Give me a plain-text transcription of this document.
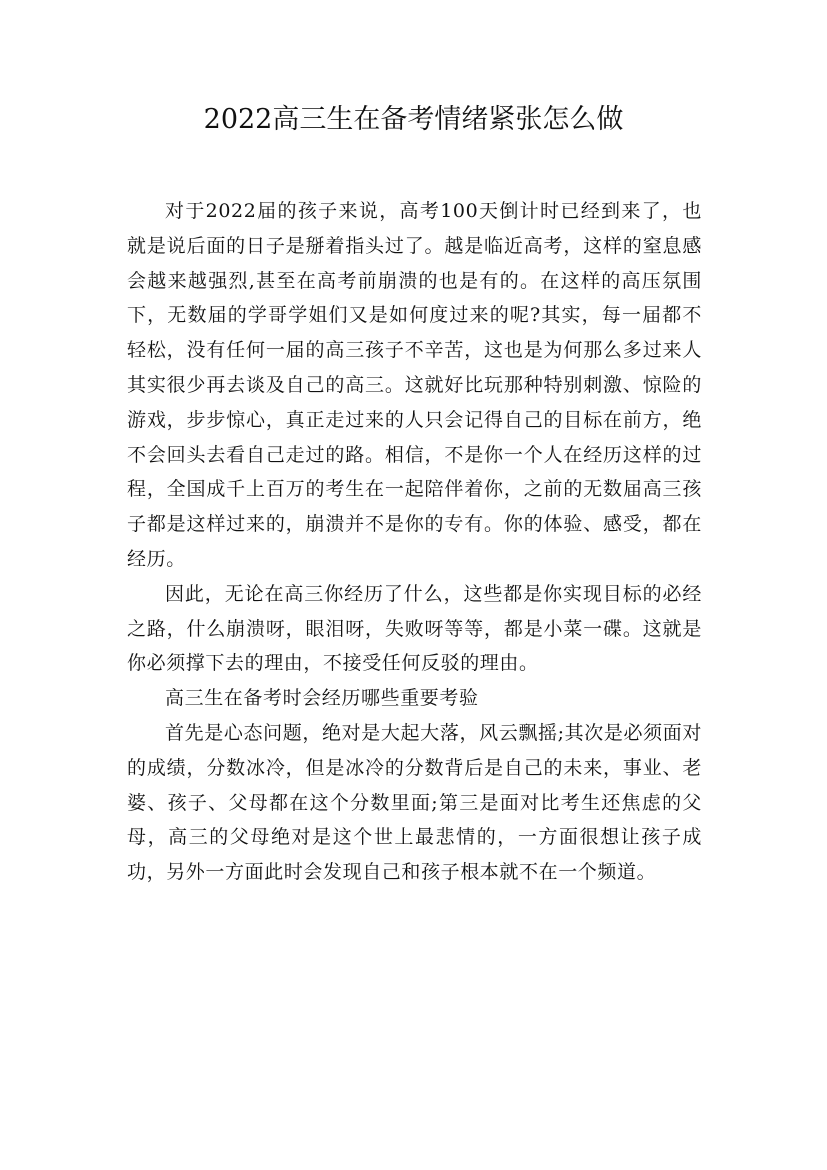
2022高三生在备考情绪紧张怎么做

对于2022届的孩子来说，高考100天倒计时已经到来了，也就是说后面的日子是掰着指头过了。越是临近高考，这样的窒息感会越来越强烈,甚至在高考前崩溃的也是有的。在这样的高压氛围下，无数届的学哥学姐们又是如何度过来的呢?其实，每一届都不轻松，没有任何一届的高三孩子不辛苦，这也是为何那么多过来人其实很少再去谈及自己的高三。这就好比玩那种特别刺激、惊险的游戏，步步惊心，真正走过来的人只会记得自己的目标在前方，绝不会回头去看自己走过的路。相信，不是你一个人在经历这样的过程，全国成千上百万的考生在一起陪伴着你，之前的无数届高三孩子都是这样过来的，崩溃并不是你的专有。你的体验、感受，都在经历。

因此，无论在高三你经历了什么，这些都是你实现目标的必经之路，什么崩溃呀，眼泪呀，失败呀等等，都是小菜一碟。这就是你必须撑下去的理由，不接受任何反驳的理由。

高三生在备考时会经历哪些重要考验

首先是心态问题，绝对是大起大落，风云飘摇;其次是必须面对的成绩，分数冰冷，但是冰冷的分数背后是自己的未来，事业、老婆、孩子、父母都在这个分数里面;第三是面对比考生还焦虑的父母，高三的父母绝对是这个世上最悲情的，一方面很想让孩子成功，另外一方面此时会发现自己和孩子根本就不在一个频道。
